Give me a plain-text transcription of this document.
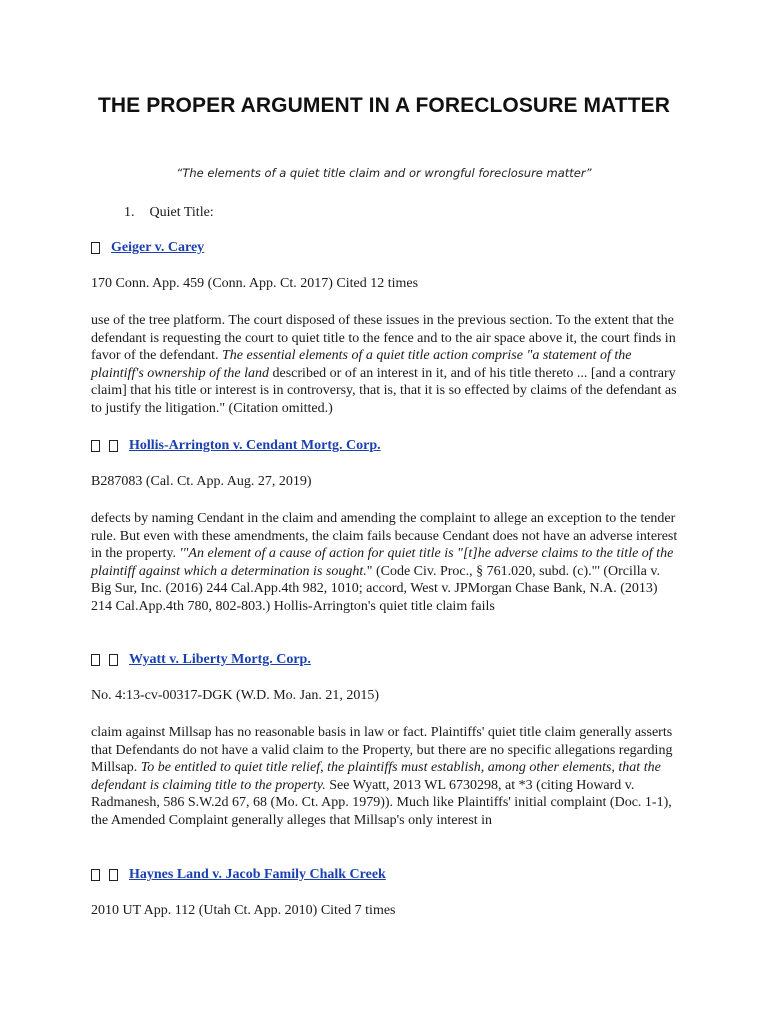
THE PROPER ARGUMENT IN A FORECLOSURE MATTER
“The elements of a quiet title claim and or wrongful foreclosure matter”
1. Quiet Title:
Geiger v. Carey
170 Conn. App. 459 (Conn. App. Ct. 2017) Cited 12 times

use of the tree platform. The court disposed of these issues in the previous section. To the extent that the defendant is requesting the court to quiet title to the fence and to the air space above it, the court finds in favor of the defendant. The essential elements of a quiet title action comprise "a statement of the plaintiff's ownership of the land described or of an interest in it, and of his title thereto ... [and a contrary claim] that his title or interest is in controversy, that is, that it is so effected by claims of the defendant as to justify the litigation." (Citation omitted.)

Hollis-Arrington v. Cendant Mortg. Corp.
B287083 (Cal. Ct. App. Aug. 27, 2019)

defects by naming Cendant in the claim and amending the complaint to allege an exception to the tender rule. But even with these amendments, the claim fails because Cendant does not have an adverse interest in the property. '"An element of a cause of action for quiet title is "[t]he adverse claims to the title of the plaintiff against which a determination is sought." (Code Civ. Proc., § 761.020, subd. (c)."' (Orcilla v. Big Sur, Inc. (2016) 244 Cal.App.4th 982, 1010; accord, West v. JPMorgan Chase Bank, N.A. (2013) 214 Cal.App.4th 780, 802-803.) Hollis-Arrington's quiet title claim fails

Wyatt v. Liberty Mortg. Corp.
No. 4:13-cv-00317-DGK (W.D. Mo. Jan. 21, 2015)

claim against Millsap has no reasonable basis in law or fact. Plaintiffs' quiet title claim generally asserts that Defendants do not have a valid claim to the Property, but there are no specific allegations regarding Millsap. To be entitled to quiet title relief, the plaintiffs must establish, among other elements, that the defendant is claiming title to the property. See Wyatt, 2013 WL 6730298, at *3 (citing Howard v. Radmanesh, 586 S.W.2d 67, 68 (Mo. Ct. App. 1979)). Much like Plaintiffs' initial complaint (Doc. 1-1), the Amended Complaint generally alleges that Millsap's only interest in

Haynes Land v. Jacob Family Chalk Creek
2010 UT App. 112 (Utah Ct. App. 2010) Cited 7 times
